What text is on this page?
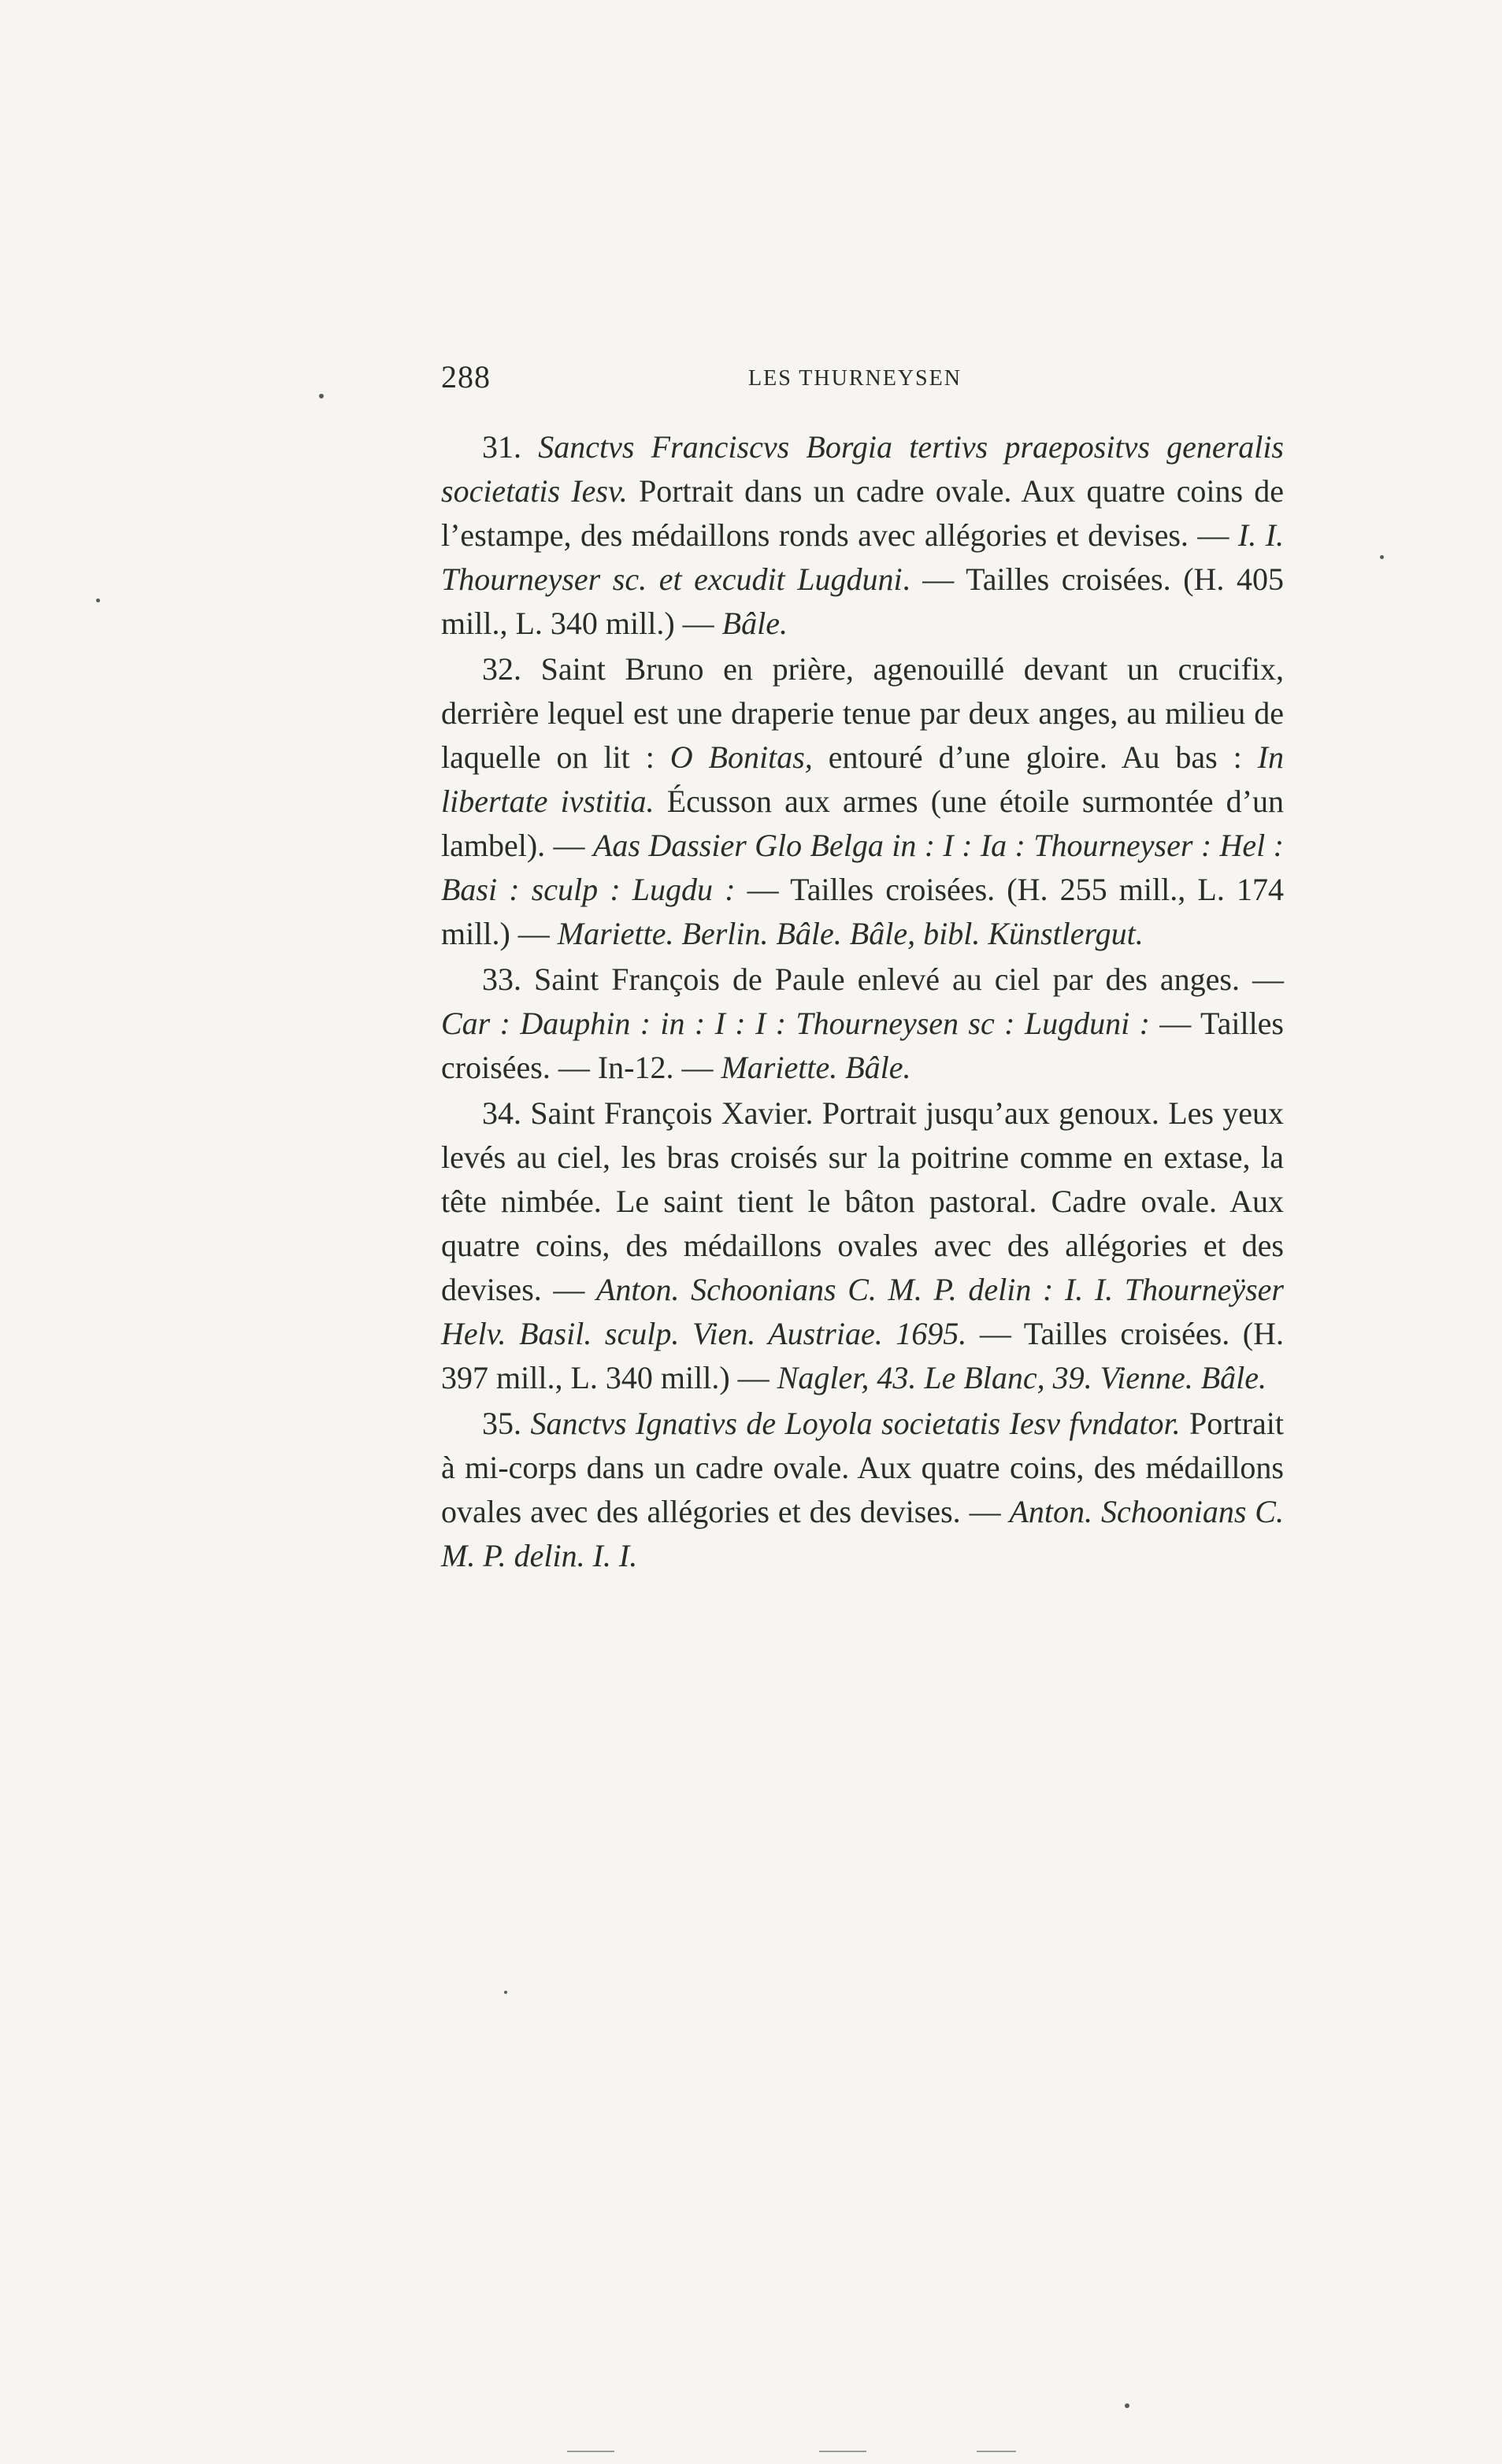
288	LES THURNEYSEN

31. Sanctvs Franciscvs Borgia tertivs praepositvs generalis societatis Iesv. Portrait dans un cadre ovale. Aux quatre coins de l’estampe, des médaillons ronds avec allégories et devises. — I. I. Thourneyser sc. et excudit Lugduni. — Tailles croisées. (H. 405 mill., L. 340 mill.) — Bâle.

32. Saint Bruno en prière, agenouillé devant un crucifix, derrière lequel est une draperie tenue par deux anges, au milieu de laquelle on lit : O Bonitas, entouré d’une gloire. Au bas : In libertate ivstitia. Écusson aux armes (une étoile surmontée d’un lambel). — Aas Dassier Glo Belga in : I : Ia : Thourneyser : Hel : Basi : sculp : Lugdu : — Tailles croisées. (H. 255 mill., L. 174 mill.) — Mariette. Berlin. Bâle. Bâle, bibl. Künstlergut.

33. Saint François de Paule enlevé au ciel par des anges. — Car : Dauphin : in : I : I : Thourneysen sc : Lugduni : — Tailles croisées. — In-12. — Mariette. Bâle.

34. Saint François Xavier. Portrait jusqu’aux genoux. Les yeux levés au ciel, les bras croisés sur la poitrine comme en extase, la tête nimbée. Le saint tient le bâton pastoral. Cadre ovale. Aux quatre coins, des médaillons ovales avec des allégories et des devises. — Anton. Schoonians C. M. P. delin : I. I. Thourneÿser Helv. Basil. sculp. Vien. Austriae. 1695. — Tailles croisées. (H. 397 mill., L. 340 mill.) — Nagler, 43. Le Blanc, 39. Vienne. Bâle.

35. Sanctvs Ignativs de Loyola societatis Iesv fvndator. Portrait à mi-corps dans un cadre ovale. Aux quatre coins, des médaillons ovales avec des allégories et des devises. — Anton. Schoonians C. M. P. delin. I. I.
